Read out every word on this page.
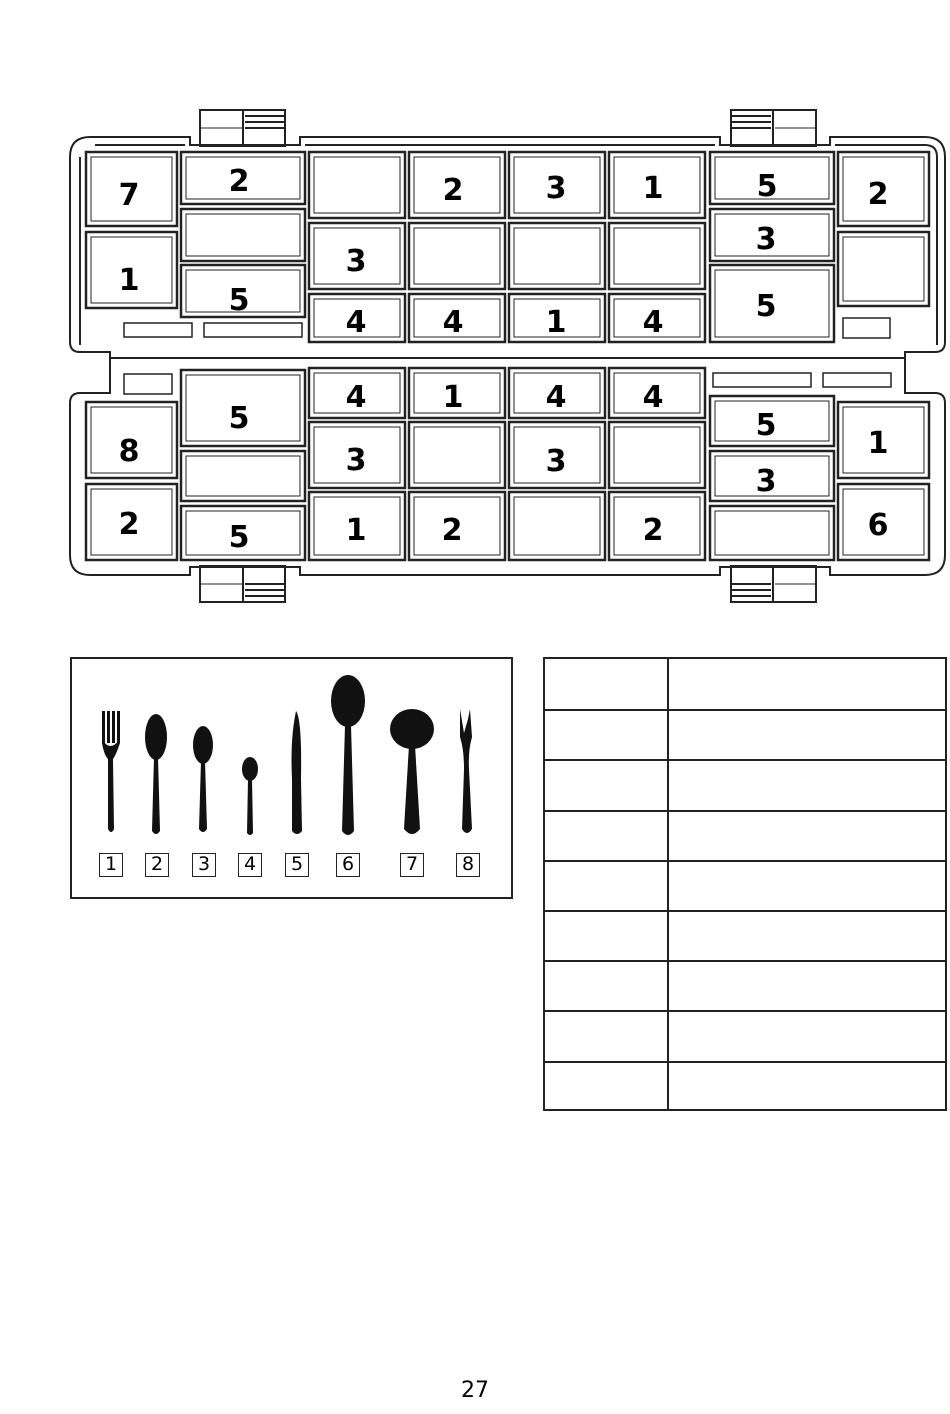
7	2	2	3	1	5	2
1
3
3
5	5
4	4	1	4
5
4	1	4	4
8	3	3
5
1
3
2	5	1	2	2	6
1	2	3	4	5	6	7	8
27
